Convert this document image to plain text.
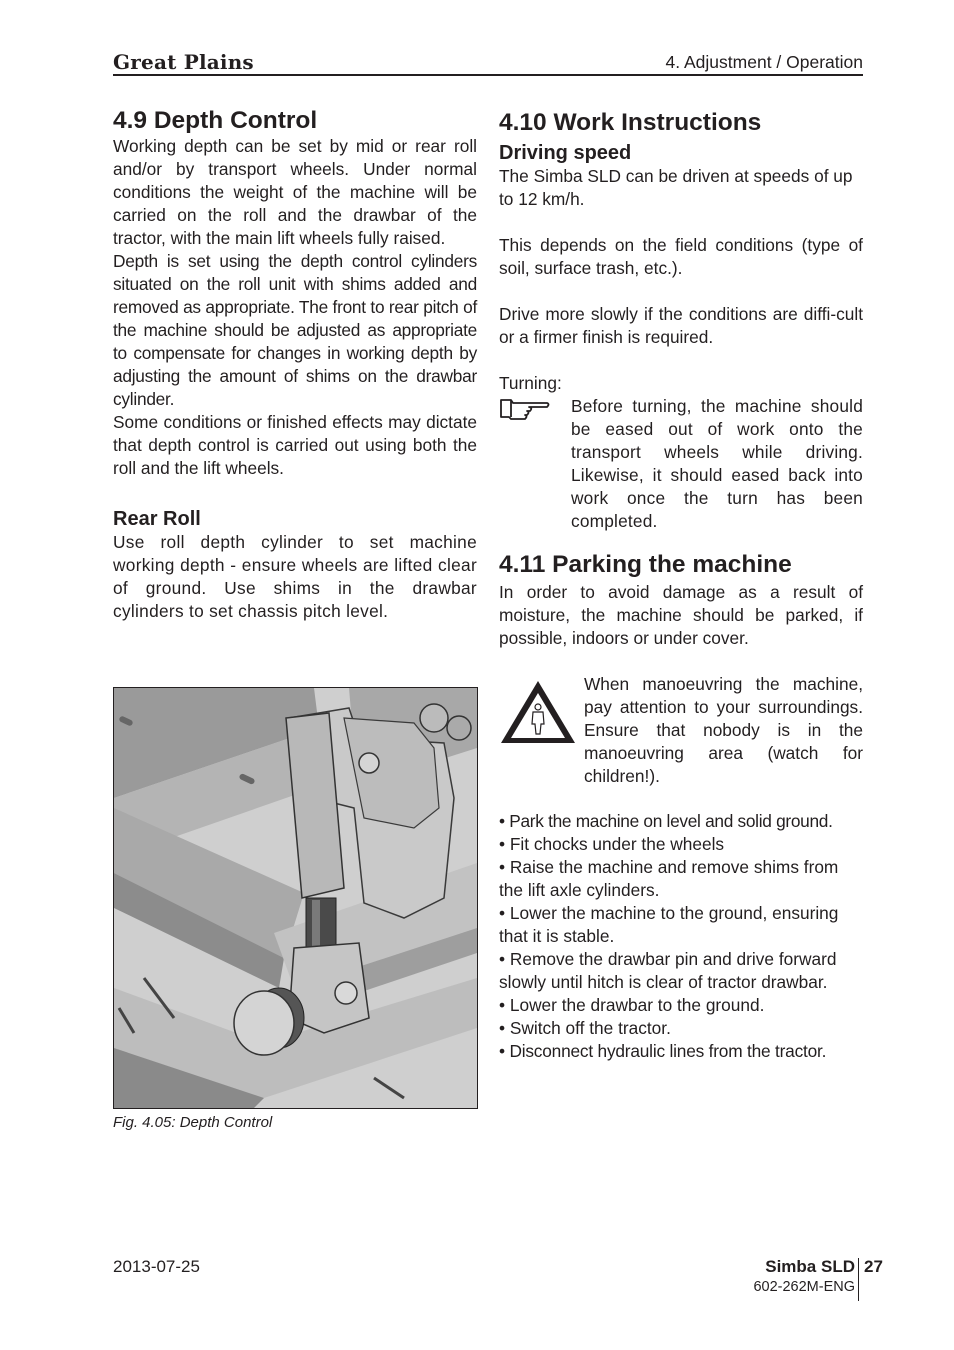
Great Plains	4. Adjustment / Operation
4.9 Depth Control

Working depth can be set by mid or rear roll and/or by transport wheels. Under normal conditions the weight of the machine will be carried on the roll and the drawbar of the tractor, with the main lift wheels fully raised.

Depth is set using the depth control cylinders situated on the roll unit with shims added and removed as appropriate. The front to rear pitch of the machine should be adjusted as appropriate to compensate for changes in working depth by adjusting the amount of shims on the drawbar cylinder.

Some conditions or finished effects may dictate that depth control is carried out using both the roll and the lift wheels.

Rear Roll

Use roll depth cylinder to set machine working depth - ensure wheels are lifted clear of ground. Use shims in the drawbar cylinders to set chassis pitch level.

Fig. 4.05: Depth Control
4.10 Work Instructions
Driving speed

The Simba SLD can be driven at speeds of up to 12 km/h.

This depends on the field conditions (type of soil, surface trash, etc.).

Drive more slowly if the conditions are diffi-cult or a firmer finish is required.

Turning:
Before turning, the machine should be eased out of work onto the transport wheels while driving. Likewise, it should eased back into work once the turn has been completed.
4.11 Parking the machine

In order to avoid damage as a result of moisture, the machine should be parked, if possible, indoors or under cover.

When manoeuvring the machine, pay attention to your surroundings. Ensure that nobody is in the manoeuvring area (watch for children!).
• Park the machine on level and solid ground.
• Fit chocks under the wheels
• Raise the machine and remove shims from the lift axle cylinders.
• Lower the machine to the ground, ensuring that it is stable.
• Remove the drawbar pin and drive forward slowly until hitch is clear of tractor drawbar.
• Lower the drawbar to the ground.
• Switch off the tractor.
• Disconnect hydraulic lines from the tractor.
2013-07-25	Simba SLD
602-262M-ENG
27
